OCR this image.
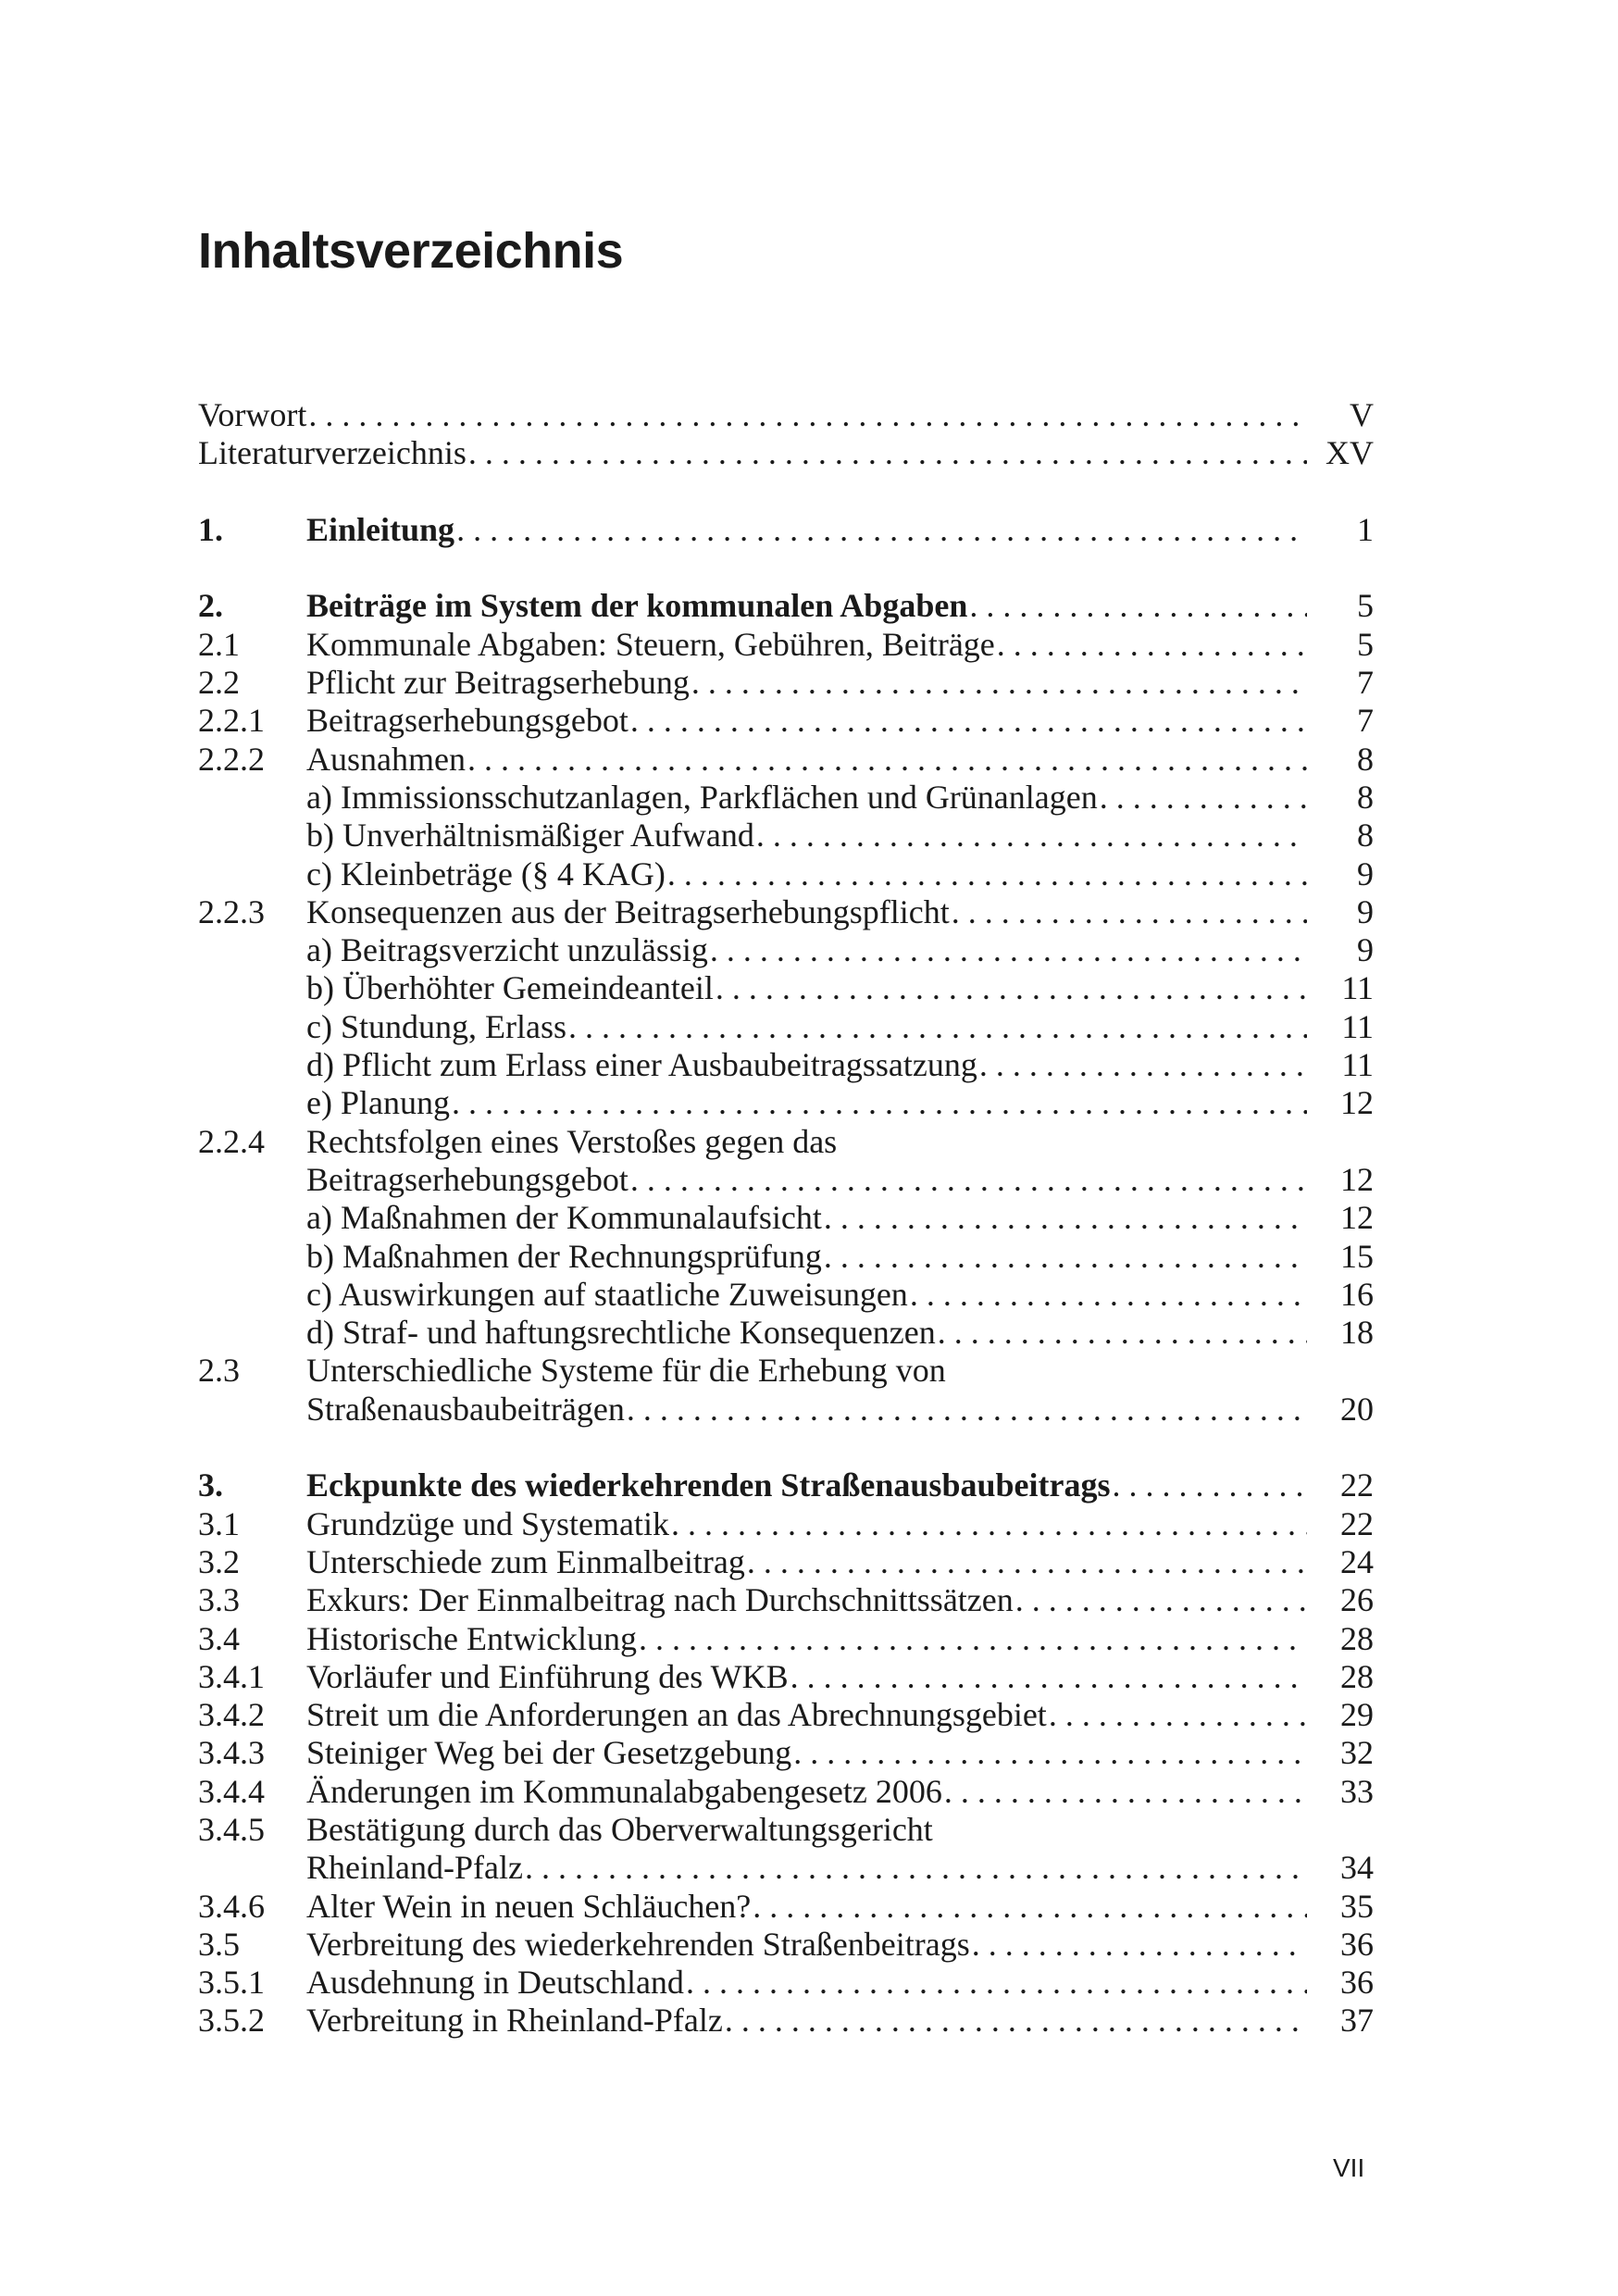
Inhaltsverzeichnis
Vorwort . . .	V
Literaturverzeichnis . . .	XV
1.	Einleitung . . .	1
2.	Beiträge im System der kommunalen Abgaben . . .	5
2.1	Kommunale Abgaben: Steuern, Gebühren, Beiträge . . .	5
2.2	Pflicht zur Beitragserhebung . . .	7
2.2.1	Beitragserhebungsgebot . . .	7
2.2.2	Ausnahmen . . .	8
a) Immissionsschutzanlagen, Parkflächen und Grünanlagen . . .	8
b) Unverhältnismäßiger Aufwand . . .	8
c) Kleinbeträge (§ 4 KAG) . . .	9
2.2.3	Konsequenzen aus der Beitragserhebungspflicht . . .	9
a) Beitragsverzicht unzulässig . . .	9
b) Überhöhter Gemeindeanteil . . .	11
c) Stundung, Erlass . . .	11
d) Pflicht zum Erlass einer Ausbaubeitragssatzung . . .	11
e) Planung . . .	12
2.2.4	Rechtsfolgen eines Verstoßes gegen das
Beitragserhebungsgebot . . .	12
a) Maßnahmen der Kommunalaufsicht . . .	12
b) Maßnahmen der Rechnungsprüfung . . .	15
c) Auswirkungen auf staatliche Zuweisungen . . .	16
d) Straf- und haftungsrechtliche Konsequenzen . . .	18
2.3	Unterschiedliche Systeme für die Erhebung von
Straßenausbaubeiträgen . . .	20
3.	Eckpunkte des wiederkehrenden Straßenausbaubeitrags . . .	22
3.1	Grundzüge und Systematik . . .	22
3.2	Unterschiede zum Einmalbeitrag . . .	24
3.3	Exkurs: Der Einmalbeitrag nach Durchschnittssätzen . . .	26
3.4	Historische Entwicklung . . .	28
3.4.1	Vorläufer und Einführung des WKB . . .	28
3.4.2	Streit um die Anforderungen an das Abrechnungsgebiet . . .	29
3.4.3	Steiniger Weg bei der Gesetzgebung . . .	32
3.4.4	Änderungen im Kommunalabgabengesetz 2006 . . .	33
3.4.5	Bestätigung durch das Oberverwaltungsgericht
Rheinland-Pfalz . . .	34
3.4.6	Alter Wein in neuen Schläuchen? . . .	35
3.5	Verbreitung des wiederkehrenden Straßenbeitrags . . .	36
3.5.1	Ausdehnung in Deutschland . . .	36
3.5.2	Verbreitung in Rheinland-Pfalz . . .	37
VII
